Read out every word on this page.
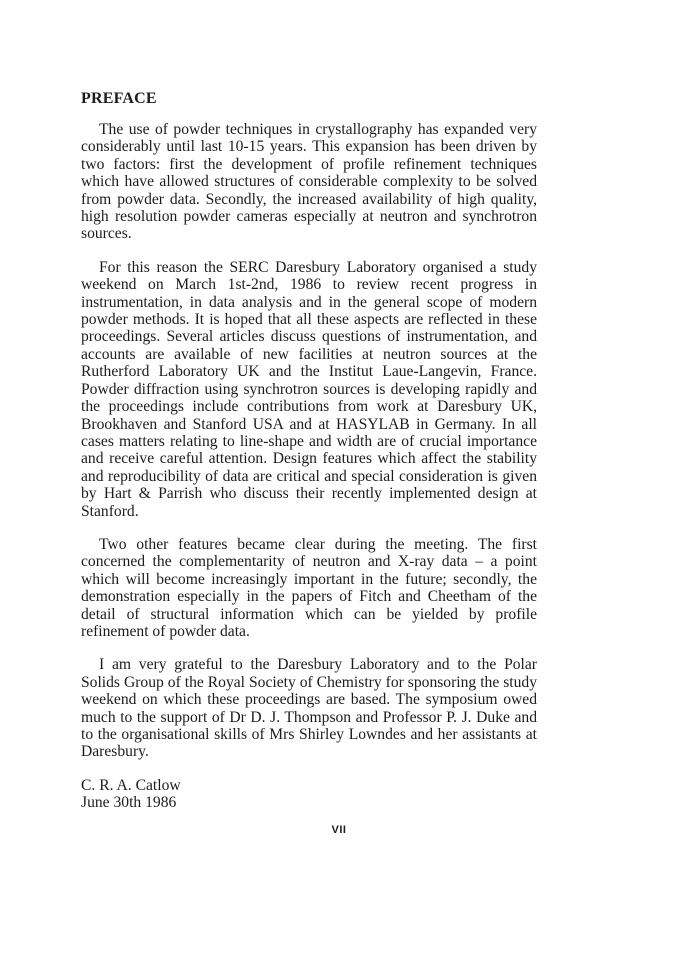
PREFACE

The use of powder techniques in crystallography has expanded very considerably until last 10-15 years. This expansion has been driven by two factors: first the development of profile refinement techniques which have allowed structures of considerable complexity to be solved from powder data. Secondly, the increased availability of high quality, high resolution powder cameras especially at neutron and synchrotron sources.

For this reason the SERC Daresbury Laboratory organised a study weekend on March 1st-2nd, 1986 to review recent progress in instrumentation, in data analysis and in the general scope of modern powder methods. It is hoped that all these aspects are reflected in these proceedings. Several articles discuss questions of instrumentation, and accounts are available of new facilities at neutron sources at the Rutherford Laboratory UK and the Institut Laue-Langevin, France. Powder diffraction using synchrotron sources is developing rapidly and the proceedings include contributions from work at Daresbury UK, Brookhaven and Stanford USA and at HASYLAB in Germany. In all cases matters relating to line-shape and width are of crucial importance and receive careful attention. Design features which affect the stability and reproducibility of data are critical and special consideration is given by Hart & Parrish who discuss their recently implemented design at Stanford.

Two other features became clear during the meeting. The first concerned the complementarity of neutron and X-ray data – a point which will become increasingly important in the future; secondly, the demonstration especially in the papers of Fitch and Cheetham of the detail of structural information which can be yielded by profile refinement of powder data.

I am very grateful to the Daresbury Laboratory and to the Polar Solids Group of the Royal Society of Chemistry for sponsoring the study weekend on which these proceedings are based. The symposium owed much to the support of Dr D. J. Thompson and Professor P. J. Duke and to the organisational skills of Mrs Shirley Lowndes and her assistants at Daresbury.

C. R. A. Catlow

June 30th 1986

VII
